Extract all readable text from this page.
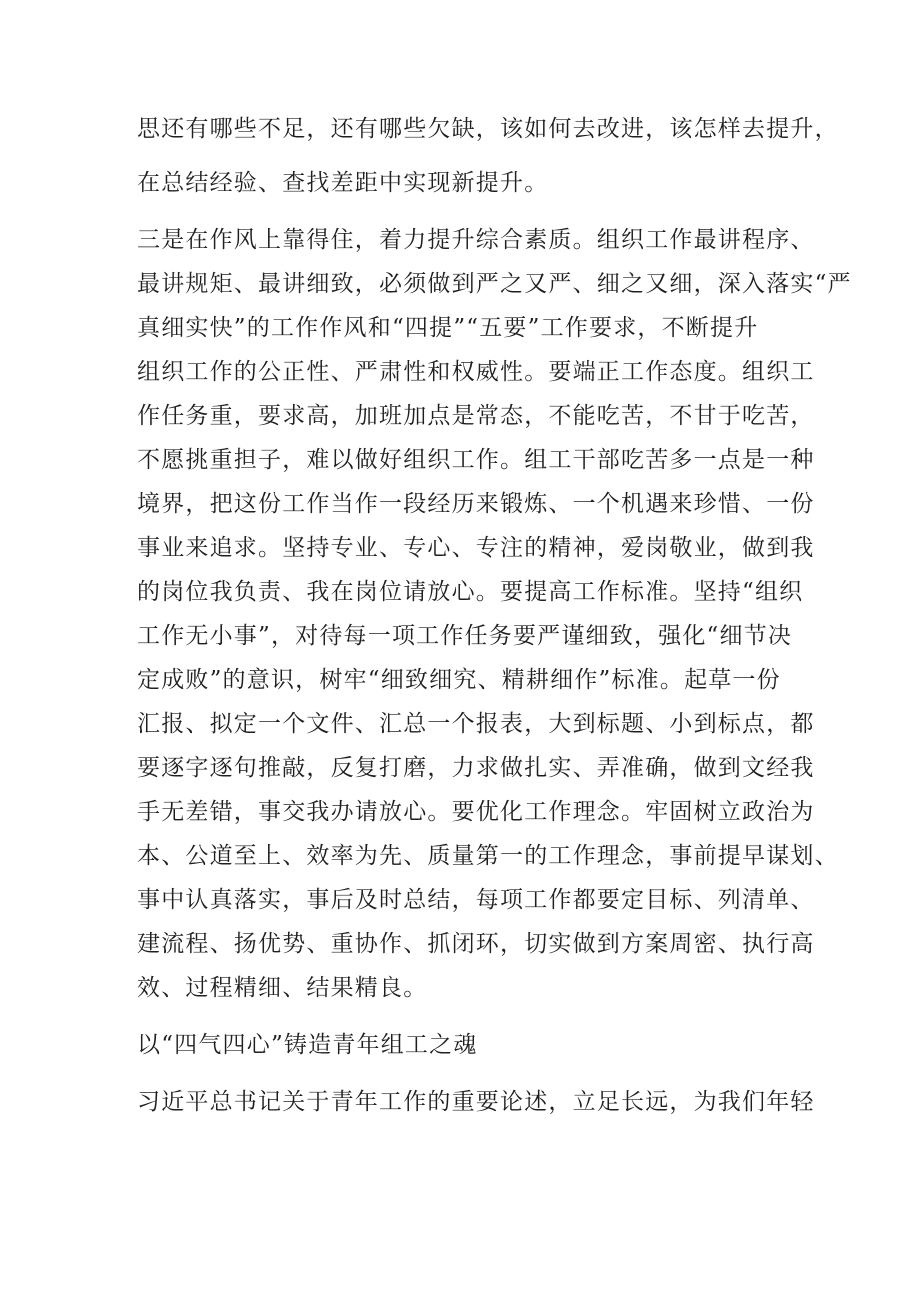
思还有哪些不足，还有哪些欠缺，该如何去改进，该怎样去提升，

在总结经验、查找差距中实现新提升。

三是在作风上靠得住，着力提升综合素质。组织工作最讲程序、

最讲规矩、最讲细致，必须做到严之又严、细之又细，深入落实“严

真细实快”的工作作风和“四提”“五要”工作要求，不断提升

组织工作的公正性、严肃性和权威性。要端正工作态度。组织工

作任务重，要求高，加班加点是常态，不能吃苦，不甘于吃苦，

不愿挑重担子，难以做好组织工作。组工干部吃苦多一点是一种

境界，把这份工作当作一段经历来锻炼、一个机遇来珍惜、一份

事业来追求。坚持专业、专心、专注的精神，爱岗敬业，做到我

的岗位我负责、我在岗位请放心。要提高工作标准。坚持“组织

工作无小事”，对待每一项工作任务要严谨细致，强化“细节决

定成败”的意识，树牢“细致细究、精耕细作”标准。起草一份

汇报、拟定一个文件、汇总一个报表，大到标题、小到标点，都

要逐字逐句推敲，反复打磨，力求做扎实、弄准确，做到文经我

手无差错，事交我办请放心。要优化工作理念。牢固树立政治为

本、公道至上、效率为先、质量第一的工作理念，事前提早谋划、

事中认真落实，事后及时总结，每项工作都要定目标、列清单、

建流程、扬优势、重协作、抓闭环，切实做到方案周密、执行高

效、过程精细、结果精良。

以“四气四心”铸造青年组工之魂

习近平总书记关于青年工作的重要论述，立足长远，为我们年轻
